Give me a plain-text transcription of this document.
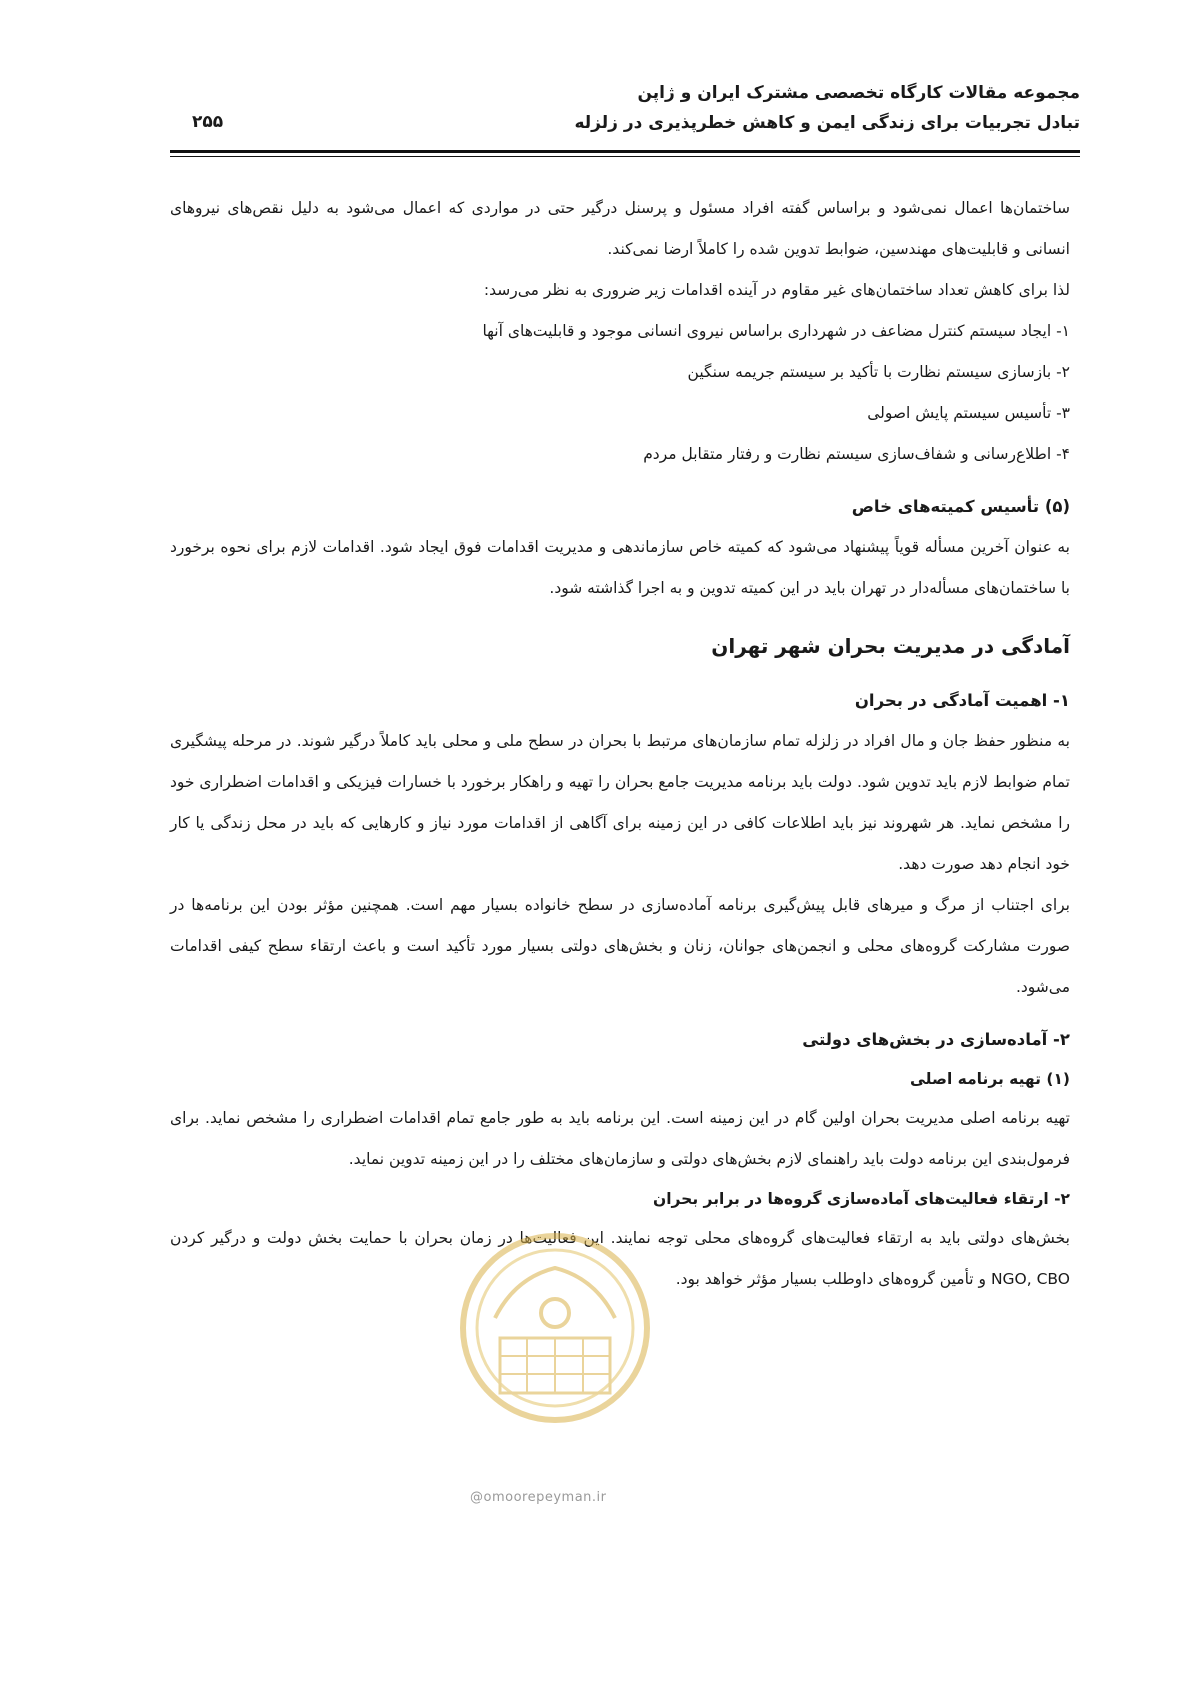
مجموعه مقالات کارگاه تخصصی مشترک ایران و ژاپن
تبادل تجربیات برای زندگی ایمن و کاهش خطرپذیری در زلزله
۲۵۵

ساختمان‌ها اعمال نمی‌شود و براساس گفته افراد مسئول و پرسنل درگیر حتی در مواردی که اعمال می‌شود به دلیل نقص‌های نیروهای انسانی و قابلیت‌های مهندسین، ضوابط تدوین شده را کاملاً ارضا نمی‌کند.

لذا برای کاهش تعداد ساختمان‌های غیر مقاوم در آینده اقدامات زیر ضروری به نظر می‌رسد:

۱- ایجاد سیستم کنترل مضاعف در شهرداری براساس نیروی انسانی موجود و قابلیت‌های آنها

۲- بازسازی سیستم نظارت با تأکید بر سیستم جریمه سنگین

۳- تأسیس سیستم پایش اصولی

۴- اطلاع‌رسانی و شفاف‌سازی سیستم نظارت و رفتار متقابل مردم

(۵) تأسیس کمیته‌های خاص

به عنوان آخرین مسأله قویاً پیشنهاد می‌شود که کمیته خاص سازماندهی و مدیریت اقدامات فوق ایجاد شود. اقدامات لازم برای نحوه برخورد با ساختمان‌های مسأله‌دار در تهران باید در این کمیته تدوین و به اجرا گذاشته شود.

آمادگی در مدیریت بحران شهر تهران
۱- اهمیت آمادگی در بحران

به منظور حفظ جان و مال افراد در زلزله تمام سازمان‌های مرتبط با بحران در سطح ملی و محلی باید کاملاً درگیر شوند. در مرحله پیشگیری تمام ضوابط لازم باید تدوین شود. دولت باید برنامه مدیریت جامع بحران را تهیه و راهکار برخورد با خسارات فیزیکی و اقدامات اضطراری خود را مشخص نماید. هر شهروند نیز باید اطلاعات کافی در این زمینه برای آگاهی از اقدامات مورد نیاز و کارهایی که باید در محل زندگی یا کار خود انجام دهد صورت دهد.

برای اجتناب از مرگ و میرهای قابل پیش‌گیری برنامه آماده‌سازی در سطح خانواده بسیار مهم است. همچنین مؤثر بودن این برنامه‌ها در صورت مشارکت گروه‌های محلی و انجمن‌های جوانان، زنان و بخش‌های دولتی بسیار مورد تأکید است و باعث ارتقاء سطح کیفی اقدامات می‌شود.

۲- آماده‌سازی در بخش‌های دولتی
(۱) تهیه برنامه اصلی

تهیه برنامه اصلی مدیریت بحران اولین گام در این زمینه است. این برنامه باید به طور جامع تمام اقدامات اضطراری را مشخص نماید. برای فرمول‌بندی این برنامه دولت باید راهنمای لازم بخش‌های دولتی و سازمان‌های مختلف را در این زمینه تدوین نماید.

۲- ارتقاء فعالیت‌های آماده‌سازی گروه‌ها در برابر بحران

بخش‌های دولتی باید به ارتقاء فعالیت‌های گروه‌های محلی توجه نمایند. این فعالیت‌ها در زمان بحران با حمایت بخش دولت و درگیر کردن NGO, CBO و تأمین گروه‌های داوطلب بسیار مؤثر خواهد بود.

@omoorepeyman.ir
